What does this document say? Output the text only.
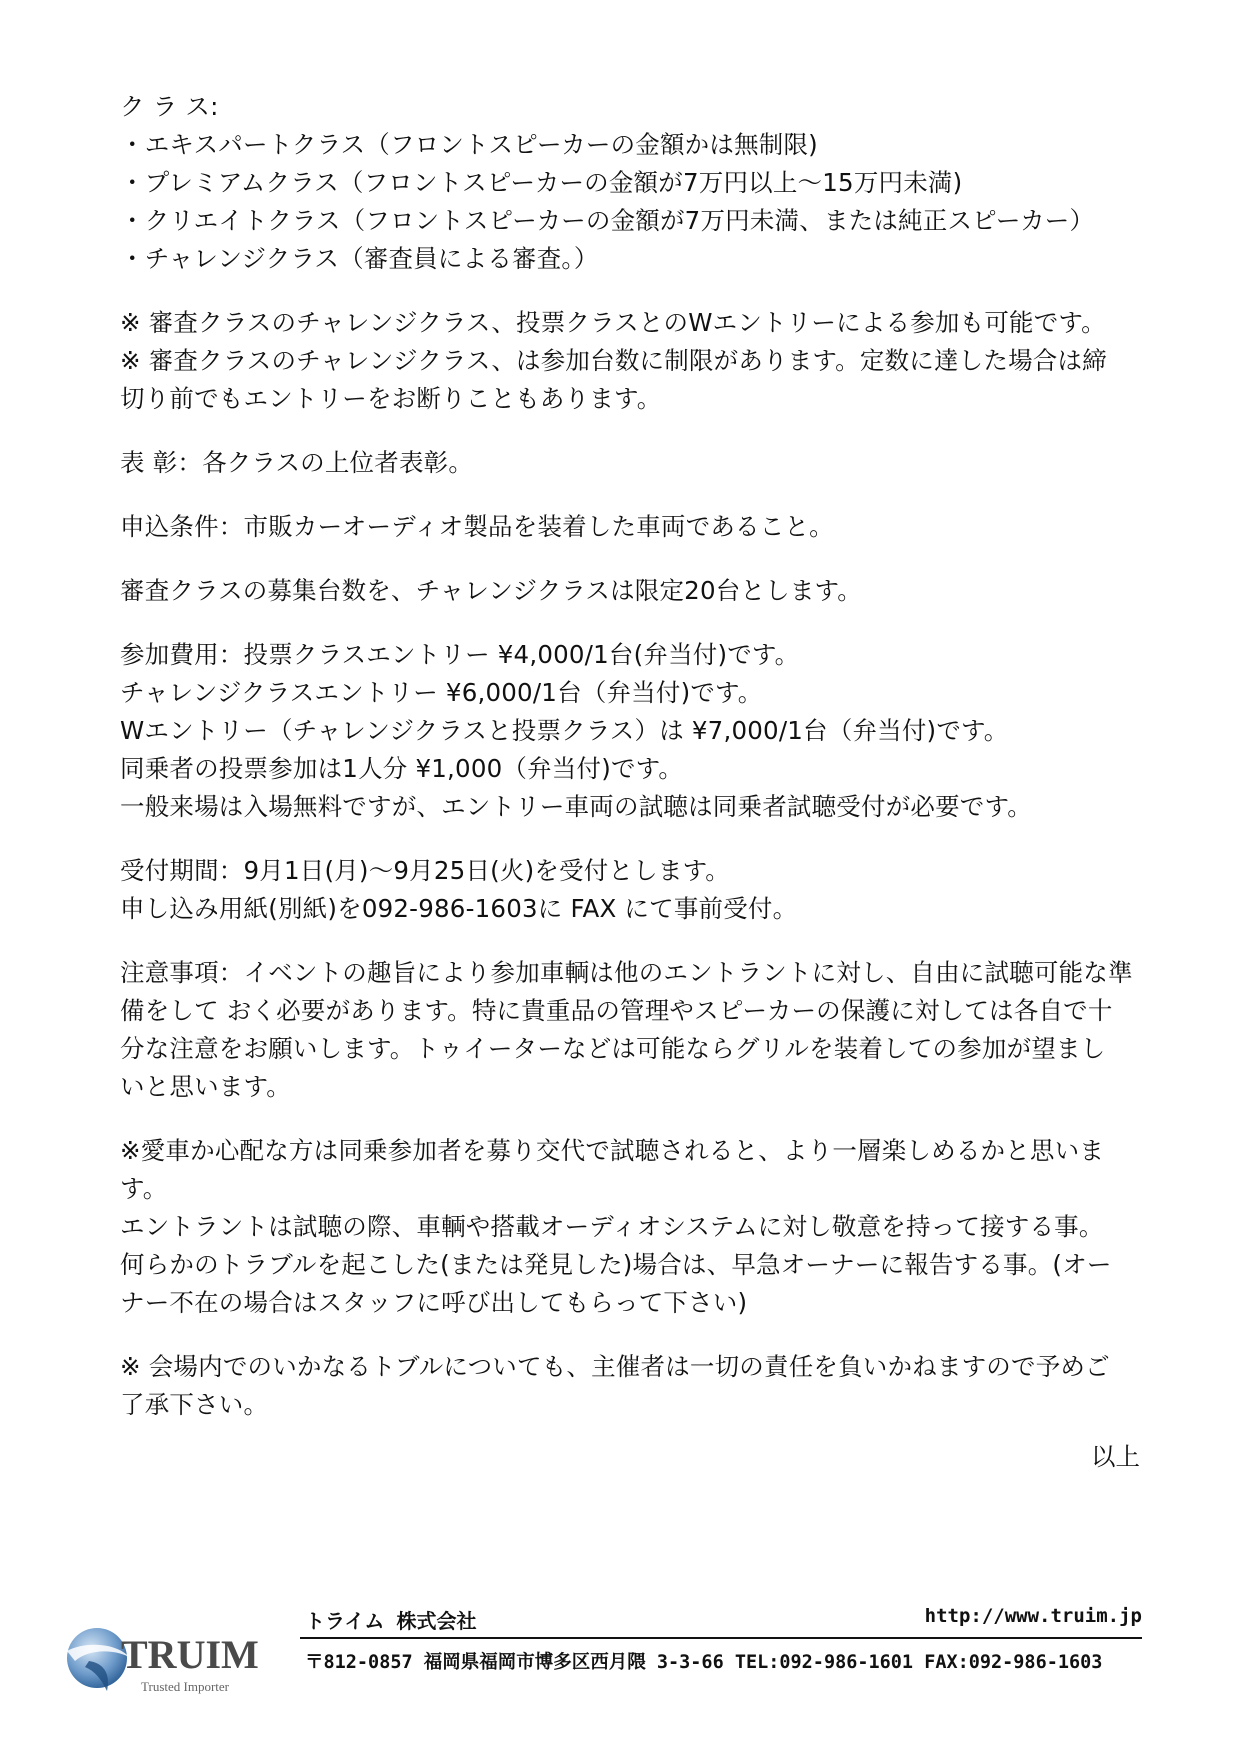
ク ラ ス:
・エキスパートクラス（フロントスピーカーの金額かは無制限)
・プレミアムクラス（フロントスピーカーの金額が7万円以上～15万円未満)
・クリエイトクラス（フロントスピーカーの金額が7万円未満、または純正スピーカー）
・チャレンジクラス（審査員による審査。）
※ 審査クラスのチャレンジクラス、投票クラスとのWエントリーによる参加も可能です。
※ 審査クラスのチャレンジクラス、は参加台数に制限があります。定数に達した場合は締
切り前でもエントリーをお断りこともあります。
表 彰：各クラスの上位者表彰。
申込条件：市販カーオーディオ製品を装着した車両であること。
審査クラスの募集台数を、チャレンジクラスは限定20台とします。
参加費用：投票クラスエントリー ¥4,000/1台(弁当付)です。
チャレンジクラスエントリー ¥6,000/1台（弁当付)です。
Wエントリー（チャレンジクラスと投票クラス）は ¥7,000/1台（弁当付)です。
同乗者の投票参加は1人分 ¥1,000（弁当付)です。
一般来場は入場無料ですが、エントリー車両の試聴は同乗者試聴受付が必要です。
受付期間：9月1日(月)～9月25日(火)を受付とします。
申し込み用紙(別紙)を092-986-1603に FAX にて事前受付。
注意事項：イベントの趣旨により参加車輌は他のエントラントに対し、自由に試聴可能な準
備をして おく必要があります。特に貴重品の管理やスピーカーの保護に対しては各自で十
分な注意をお願いします。トゥイーターなどは可能ならグリルを装着しての参加が望まし
いと思います。
※愛車か心配な方は同乗参加者を募り交代で試聴されると、より一層楽しめるかと思いま
す。
エントラントは試聴の際、車輌や搭載オーディオシステムに対し敬意を持って接する事。
何らかのトラブルを起こした(または発見した)場合は、早急オーナーに報告する事。(オー
ナー不在の場合はスタッフに呼び出してもらって下さい)
※ 会場内でのいかなるトブルについても、主催者は一切の責任を負いかねますので予めご
了承下さい。
以上
TRUIM
Trusted Importer
トライム 株式会社	http://www.truim.jp
〒812-0857 福岡県福岡市博多区西月隈 3-3-66 TEL:092-986-1601 FAX:092-986-1603
